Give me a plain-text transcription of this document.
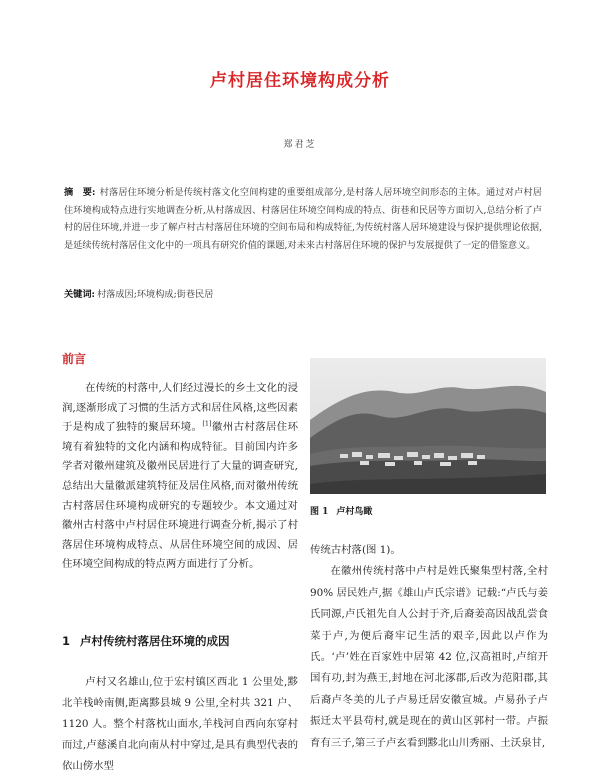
卢村居住环境构成分析
郑君芝
摘　要: 村落居住环境分析是传统村落文化空间构建的重要组成部分,是村落人居环境空间形态的主体。通过对卢村居住环境构成特点进行实地调查分析,从村落成因、村落居住环境空间构成的特点、街巷和民居等方面切入,总结分析了卢村的居住环境,并进一步了解卢村古村落居住环境的空间布局和构成特征,为传统村落人居环境建设与保护提供理论依据,是延续传统村落居住文化中的一项具有研究价值的课题,对未来古村落居住环境的保护与发展提供了一定的借鉴意义。
关键词: 村落成因;环境构成;街巷民居
前言
在传统的村落中,人们经过漫长的乡土文化的浸润,逐渐形成了习惯的生活方式和居住风格,这些因素于是构成了独特的聚居环境。[1]徽州古村落居住环境有着独特的文化内涵和构成特征。目前国内许多学者对徽州建筑及徽州民居进行了大量的调查研究,总结出大量徽派建筑特征及居住风格,而对徽州传统古村落居住环境构成研究的专题较少。本文通过对徽州古村落中卢村居住环境进行调查分析,揭示了村落居住环境构成特点、从居住环境空间的成因、居住环境空间构成的特点两方面进行了分析。
图 1 卢村鸟瞰

传统古村落(图 1)。

在徽州传统村落中卢村是姓氏聚集型村落,全村 90% 居民姓卢,据《雄山卢氏宗谱》记载:“卢氏与姜氏同源,卢氏祖先自人公封于齐,后裔姜高因战乱尝食菜于卢,为便后裔牢记生活的艰辛,因此以卢作为氏。‘卢’姓在百家姓中居第 42 位,汉高祖时,卢绾开国有功,封为燕王,封地在河北涿郡,后改为范阳郡,其后裔卢冬美的儿子卢易迁居安徽宣城。卢易孙子卢振迁太平县苟村,就是现在的黄山区郭村一带。卢振育有三子,第三子卢玄看到黟北山川秀丽、土沃泉甘,

1 卢村传统村落居住环境的成因
卢村又名雄山,位于宏村镇区西北 1 公里处,黟北羊栈岭南侧,距离黟县城 9 公里,全村共 321 户、1120 人。整个村落枕山面水,羊栈河自西向东穿村而过,卢慈溪自北向南从村中穿过,是具有典型代表的依山傍水型
